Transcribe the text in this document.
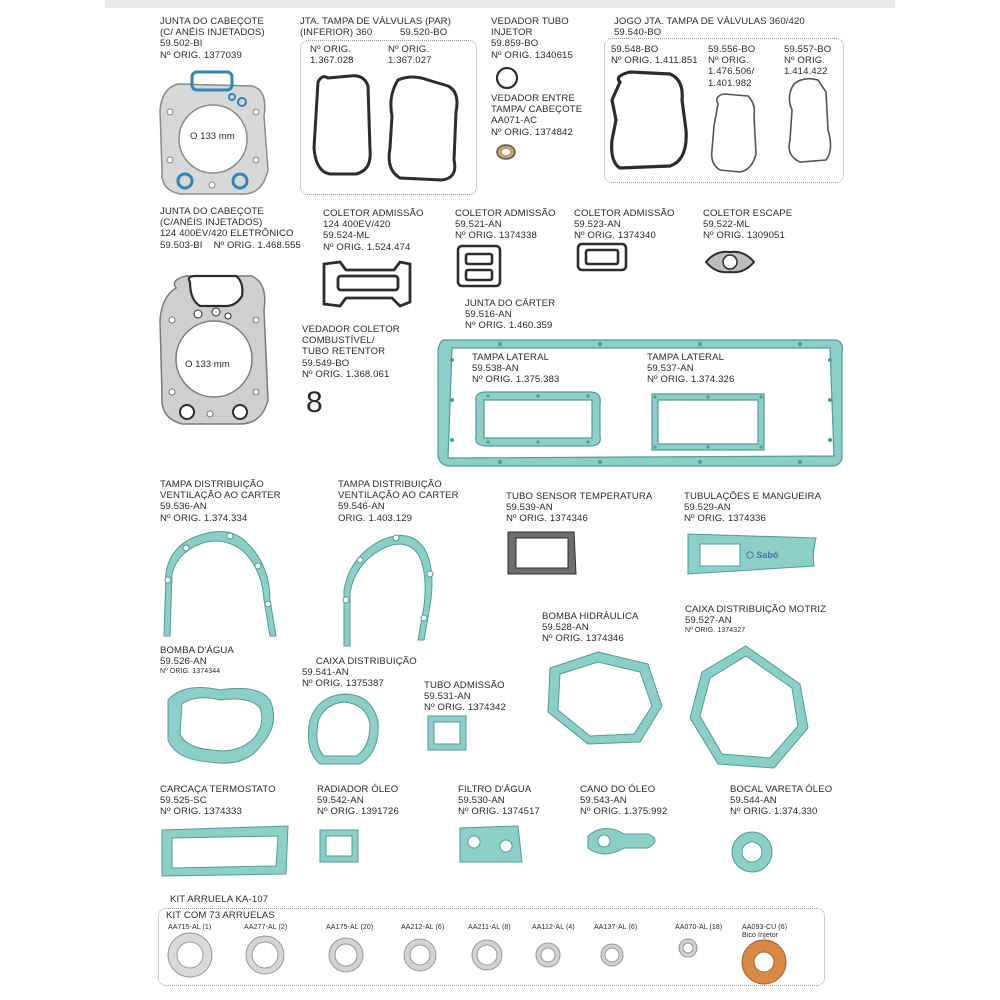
⬡ Sabó
JUNTA DO CABEÇOTE
(C/ ANÉIS INJETADOS)
59.502-BI
Nº ORIG. 1377039
O 133 mm
JTA. TAMPA DE VÁLVULAS (PAR)
(INFERIOR) 360          59.520-BO
Nº ORIG.
1.367.028
Nº ORIG.
1.367.027
VEDADOR TUBO
INJETOR
59.859-BO
Nº ORIG. 1340615
VEDADOR ENTRE
TAMPA/ CABEÇOTE
AA071-AC
Nº ORIG. 1374842
JOGO JTA. TAMPA DE VÁLVULAS 360/420
59.540-BO
59.548-BO
Nº ORIG. 1.411.851
59.556-BO
Nº ORIG.
1.476.506/
1.401.982
59.557-BO
Nº ORIG.
1.414.422
JUNTA DO CABEÇOTE
(C/ANÉIS INJETADOS)
124 400EV/420 ELETRÔNICO
59.503-BI    Nº ORIG. 1.468.555
O 133 mm
COLETOR ADMISSÃO
124 400EV/420
59.524-ML
Nº ORIG. 1.524.474
COLETOR ADMISSÃO
59.521-AN
Nº ORIG. 1374338
COLETOR ADMISSÃO
59.523-AN
Nº ORIG. 1374340
COLETOR ESCAPE
59.522-ML
Nº ORIG. 1309051
JUNTA DO CÁRTER
59.516-AN
Nº ORIG. 1.460.359
VEDADOR COLETOR
COMBUSTÍVEL/
TUBO RETENTOR
59.549-BO
Nº ORIG. 1.368.061
8
TAMPA LATERAL
59.538-AN
Nº ORIG. 1.375.383
TAMPA LATERAL
59.537-AN
Nº ORIG. 1.374.326
TAMPA DISTRIBUIÇÃO
VENTILAÇÃO AO CARTER
59.536-AN
Nº ORIG. 1.374.334
TAMPA DISTRIBUIÇÃO
VENTILAÇÃO AO CARTER
59.546-AN
ORIG. 1.403.129
TUBO SENSOR TEMPERATURA
59.539-AN
Nº ORIG. 1374346
TUBULAÇÕES E MANGUEIRA
59.529-AN
Nº ORIG. 1374336
BOMBA HIDRÁULICA
59.528-AN
Nº ORIG. 1374346
CAIXA DISTRIBUIÇÃO MOTRIZ
59.527-AN
Nº ORIG. 1374327
BOMBA D'ÁGUA
59.526-AN
Nº ORIG. 1374344
CAIXA DISTRIBUIÇÃO
59.541-AN
Nº ORIG. 1375387	TUBO ADMISSÃO
59.531-AN
Nº ORIG. 1374342
CARCAÇA TERMOSTATO
59.525-SC
Nº ORIG. 1374333
RADIADOR ÓLEO
59.542-AN
Nº ORIG. 1391726
FILTRO D'ÁGUA
59.530-AN
Nº ORIG. 1374517
CANO DO ÓLEO
59.543-AN
Nº ORIG. 1.375.992
BOCAL VARETA ÓLEO
59.544-AN
Nº ORIG. 1.374.330
KIT ARRUELA KA-107
KIT COM 73 ARRUELAS
AA715-AL (1)	AA277-AL (2)	AA175-AL (20)	AA212-AL (6)	AA211-AL (8)	AA112-AL (4)	AA137-AL (6)	AA070-AL (18)	AA093-CU (6)
Bico Injetor
